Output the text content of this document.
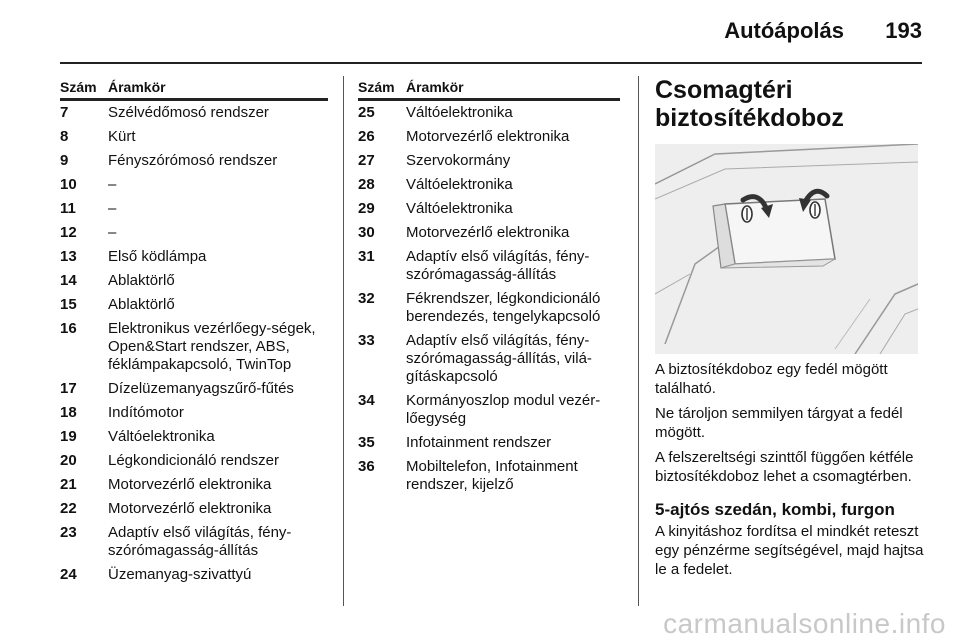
Autóápolás 193
Szám	Áramkör
7	Szélvédőmosó rendszer
8	Kürt
9	Fényszórómosó rendszer
10	–
11	–
12	–
13	Első ködlámpa
14	Ablaktörlő
15	Ablaktörlő
16	Elektronikus vezérlőegy-ségek, Open&Start rendszer, ABS, féklámpakapcsoló, TwinTop
17	Dízelüzemanyagszűrő-fűtés
18	Indítómotor
19	Váltóelektronika
20	Légkondicionáló rendszer
21	Motorvezérlő elektronika
22	Motorvezérlő elektronika
23	Adaptív első világítás, fény-szórómagasság-állítás
24	Üzemanyag-szivattyú
Szám	Áramkör
25	Váltóelektronika
26	Motorvezérlő elektronika
27	Szervokormány
28	Váltóelektronika
29	Váltóelektronika
30	Motorvezérlő elektronika
31	Adaptív első világítás, fény-szórómagasság-állítás
32	Fékrendszer, légkondicionáló berendezés, tengelykapcsoló
33	Adaptív első világítás, fény-szórómagasság-állítás, vilá-gításkapcsoló
34	Kormányoszlop modul vezér-lőegység
35	Infotainment rendszer
36	Mobiltelefon, Infotainment rendszer, kijelző
Csomagtéri
biztosítékdoboz

A biztosítékdoboz egy fedél mögött található.

Ne tároljon semmilyen tárgyat a fedél mögött.

A felszereltségi szinttől függően kétféle biztosítékdoboz lehet a csomagtérben.

5-ajtós szedán, kombi, furgon

A kinyitáshoz fordítsa el mindkét reteszt egy pénzérme segítségével, majd hajtsa le a fedelet.

carmanualsonline.info
